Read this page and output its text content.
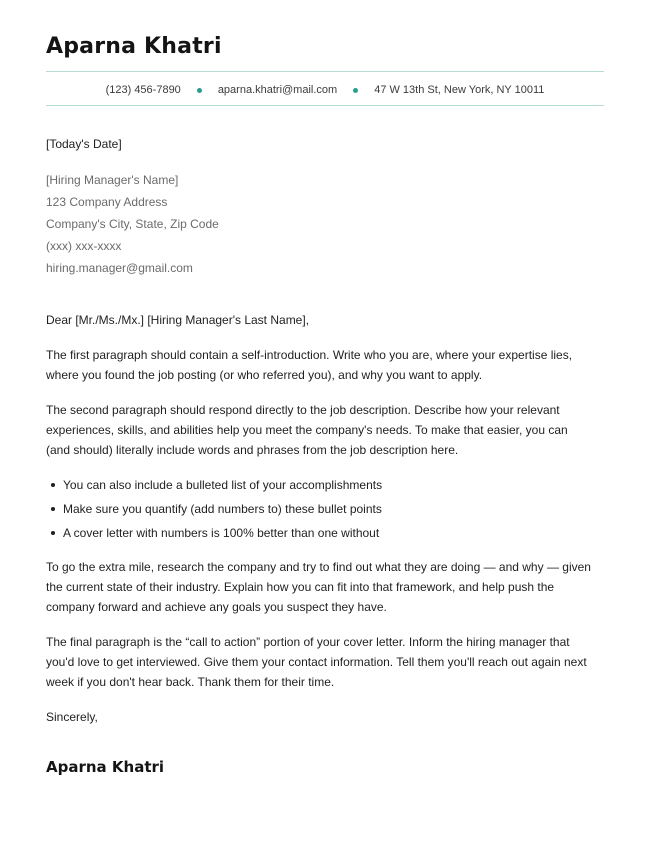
Aparna Khatri
(123) 456-7890	aparna.khatri@mail.com	47 W 13th St, New York, NY 10011

[Today's Date]

[Hiring Manager's Name]
123 Company Address
Company's City, State, Zip Code
(xxx) xxx-xxxx
hiring.manager@gmail.com

Dear [Mr./Ms./Mx.] [Hiring Manager's Last Name],

The first paragraph should contain a self-introduction. Write who you are, where your expertise lies, where you found the job posting (or who referred you), and why you want to apply.

The second paragraph should respond directly to the job description. Describe how your relevant experiences, skills, and abilities help you meet the company's needs. To make that easier, you can (and should) literally include words and phrases from the job description here.

You can also include a bulleted list of your accomplishments
Make sure you quantify (add numbers to) these bullet points
A cover letter with numbers is 100% better than one without

To go the extra mile, research the company and try to find out what they are doing — and why — given the current state of their industry. Explain how you can fit into that framework, and help push the company forward and achieve any goals you suspect they have.

The final paragraph is the “call to action” portion of your cover letter. Inform the hiring manager that you'd love to get interviewed. Give them your contact information. Tell them you'll reach out again next week if you don't hear back. Thank them for their time.

Sincerely,

Aparna Khatri
